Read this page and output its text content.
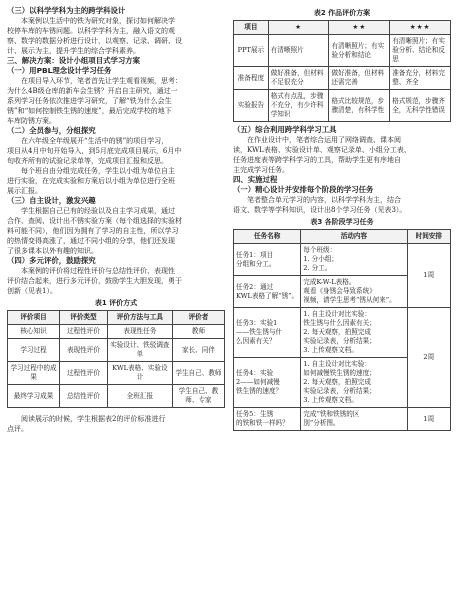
（三）以科学学科为主的跨学科设计

本案例以生活中的铁为研究对象，探讨如何解决学

校停车库的车锈问题。以科学学科为主，融入语文的观

察、数学的数据分析进行设计，以观察、记录、调研、设

计、展示为主，提升学生的综合学科素养。

三、解决方案：设计小组项目式学习方案

（一）用PBL理念设计学习任务

在项目导入环节，笔者首先让学生观看视频，思考：

为什么4B级仓库的新车会生锈？开启自主研究，通过一

系列学习任务依次推进学习研究，了解“铁为什么会生

锈”和“如何控制铁生锈的速度”，最后完成学校的地下

车库防锈方案。

（二）全员参与，分组探究

在六年级全年级展开“生活中的锈”的项目学习，

项目从4月中旬开始导入，到5月底完成项目展示，6月中

旬收齐所有的试验记录单等，完成项目汇报和反思。

每个班自由分组完成任务，学生以小组为单位自主

进行实验，在完成实验和方案后以小组为单位进行全班

展示汇报。

（三）自主设计，激发兴趣

学生根据自己已有的经验以及自主学习成果，通过

合作、查阅、设计出不锈实验方案（每个组选择的实验材

料可能不同），他们因为拥有了学习的自主性，所以学习

的热情变得高涨了，通过不同小组的分享，他们还发现

了很多课本以外有趣的知识。

（四）多元评价，鼓励探究

本案例的评价将过程性评价与总结性评价、表现性

评价结合起来，进行多元评价，鼓励学生大胆发现，勇于

创新（见表1）。

表1 评价方式

评价项目	评价类型	评价方法与工具	评价者
核心知识	过程性评价	表现性任务	教师
学习过程	表现性评价	实验设计、铁驳调查单	家长、同伴
学习过程中的成果	过程性评价	KWL表格、实验设计	学生自己、教师
最终学习成果	总结性评价	全班汇报	学生自己、教师、专家

阅读展示的时候，学生根据表2的评价标准进行

点评。

表2 作品评价方案

项目	★	★★	★★★
PPT展示	有清晰照片	有清晰照片；有实验分析和结论	有清晰照片；有实验分析、结论和反思
准备程度	做好准备，但材料不足很充分	做好准备，但材料还需完善	准备充分，材料完整、齐全
实验报告	格式有点乱，步骤不充分，有少许科学知识	格式比较规范，步骤清楚，有科学性	格式规范，步骤齐全，无科学性错误

（五）综合利用跨学科学习工具

在作业设计中，笔者综合运用了网络调查、课本阅

读，KWL表格、实验设计单、观察记录单、小组分工表、

任务进度表等跨学科学习的工具，帮助学生更有序地自

主完成学习任务。

四、实施过程

（一）精心设计并安排每个阶段的学习任务

笔者整合单元学习的内容，以科学学科为主，结合

语文、数学等学科知识，设计出8个学习任务（见表3）。

表3 各阶段学习任务

任务名称	活动内容	时间安排

任务1：项目
分组和分工。	每个班级：
1. 分小组；
2. 分工。	1周

任务2：通过
KWL表格了解“锈”。	完成K-W-L表格。
观看《身锈会导致系统》
视频，请学生思考“锈从何来”。	

任务3：实验1
——铁生锈与什
么因素有关？	1. 自主设计对比实验：
铁生锈与什么因素有关；
2. 每天观察，拍照完成
实验记录表，分析结果；
3. 上传观察文档。	2周

任务4：实验
2——如何减慢
铁生锈的速度？	1. 自主设计对比实验：
如何减慢铁生锈的速度；
2. 每天观察，拍照完成
实验记录表，分析结果；
3. 上传观察文档。	

任务5：生锈
的铁和铁一样吗？	完成“铁和铁锈的区
别”分析图。	1周
